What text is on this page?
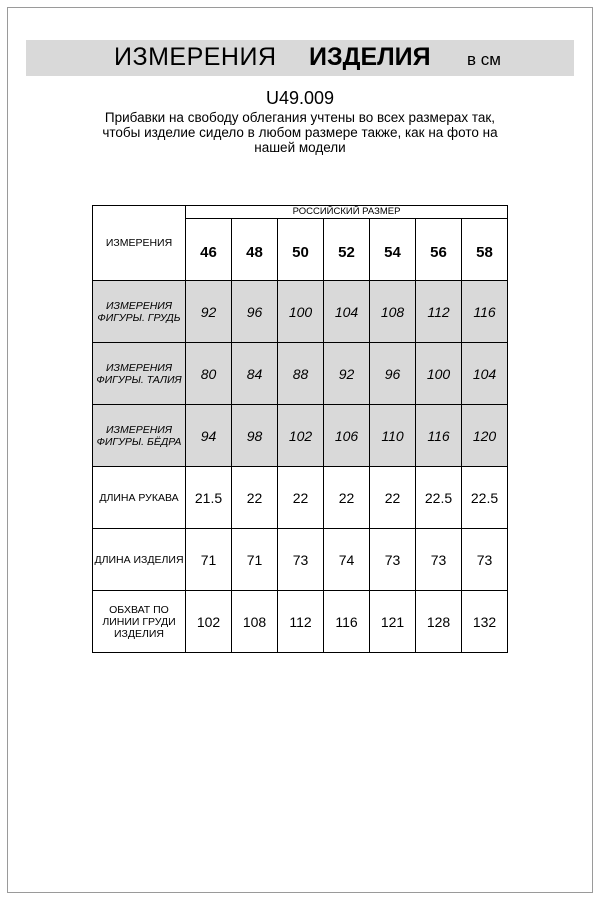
ИЗМЕРЕНИЯ ИЗДЕЛИЯ в см
U49.009
Прибавки на свободу облегания учтены во всех размерах так,
чтобы изделие сидело в любом размере также, как на фото на
нашей модели
ИЗМЕРЕНИЯ	РОССИЙСКИЙ РАЗМЕР						
	46	48	50	52	54	56	58
ИЗМЕРЕНИЯ ФИГУРЫ. ГРУДЬ	92	96	100	104	108	112	116
ИЗМЕРЕНИЯ ФИГУРЫ. ТАЛИЯ	80	84	88	92	96	100	104
ИЗМЕРЕНИЯ ФИГУРЫ. БЁДРА	94	98	102	106	110	116	120
ДЛИНА РУКАВА	21.5	22	22	22	22	22.5	22.5
ДЛИНА ИЗДЕЛИЯ	71	71	73	74	73	73	73
ОБХВАТ ПО ЛИНИИ ГРУДИ ИЗДЕЛИЯ	102	108	112	116	121	128	132
